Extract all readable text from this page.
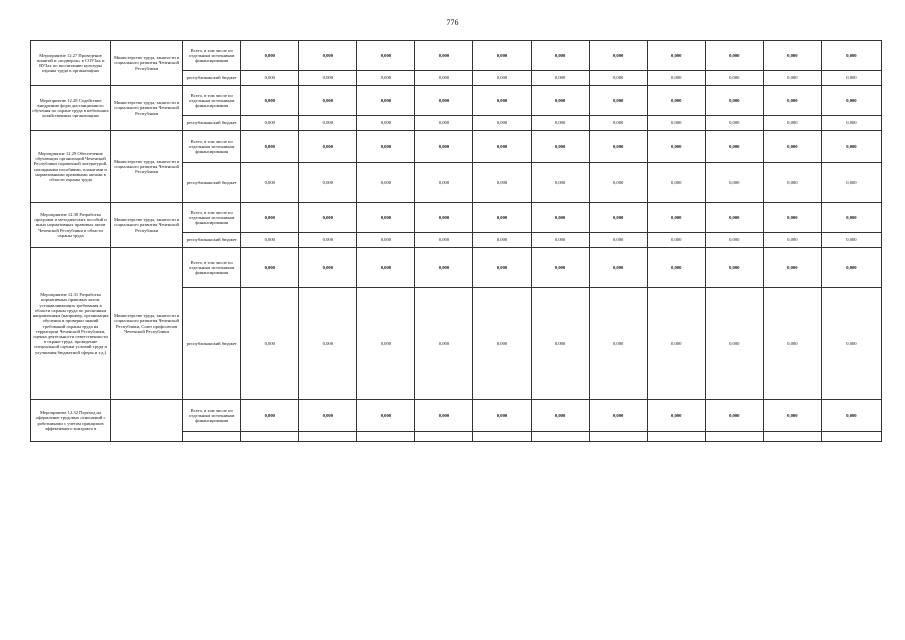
776
Мероприятие 12.27 Проведение понятий и «подворок» в СОУЗах и ВУЗах по воспитанию культуры охраны труда в организациях	Министерство труда, занятости и социального развития Чеченской Республики	Всего, в том числе по отдельным источникам финансирования	0,000	0,000	0,000	0,000	0,000	0,000	0,000	0,000	0,000	0,000	0,000
		республиканский бюджет	0,000	0,000	0,000	0,000	0,000	0,000	0,000	0,000	0,000	0,000	0,000
Мероприятие 12.28 Содействие внедрению форм дистанционного обучения по охране труда в небольших хозяйственных организациях	Министерство труда, занятости и социального развития Чеченской Республики	Всего, в том числе по отдельным источникам финансирования	0,000	0,000	0,000	0,000	0,000	0,000	0,000	0,000	0,000	0,000	0,000
		республиканский бюджет	0,000	0,000	0,000	0,000	0,000	0,000	0,000	0,000	0,000	0,000	0,000
Мероприятие 12.29 Обеспечение обучающих организаций Чеченской Республики справочной литературой, наглядными пособиями, плакатами и нормативными правовыми актами в области охраны труда	Министерство труда, занятости и социального развития Чеченской Республики	Всего, в том числе по отдельным источникам финансирования	0,000	0,000	0,000	0,000	0,000	0,000	0,000	0,000	0,000	0,000	0,000
		республиканский бюджет	0,000	0,000	0,000	0,000	0,000	0,000	0,000	0,000	0,000	0,000	0,000
Мероприятие 12.30 Разработка программ и методических пособий и иных нормативных правовых актов Чеченской Республики в области охраны труда	Министерство труда, занятости и социального развития Чеченской Республики	Всего, в том числе по отдельным источникам финансирования	0,000	0,000	0,000	0,000	0,000	0,000	0,000	0,000	0,000	0,000	0,000
		республиканский бюджет	0,000	0,000	0,000	0,000	0,000	0,000	0,000	0,000	0,000	0,000	0,000
Мероприятие 12.31 Разработка нормативных правовых актов, устанавливающих требования в области охраны труда по различным направлениям (например, организация обучения и проверки знаний требований охраны труда на территории Чеченской Республики, оценка деятельности ответственности в охране труда, проведение специальной оценки условий труда и улучшения бюджетной сферы и т.д.)	Министерство труда, занятости и социального развития Чеченской Республики, Союз профсоюзов Чеченской Республики	Всего, в том числе по отдельным источникам финансирования	0,000	0,000	0,000	0,000	0,000	0,000	0,000	0,000	0,000	0,000	0,000
		республиканский бюджет	0,000	0,000	0,000	0,000	0,000	0,000	0,000	0,000	0,000	0,000	0,000
Мероприятие 12.32 Переход на оформление трудовых отношений с работниками с учетом принципов эффективного контракта в		Всего, в том числе по отдельным источникам финансирования	0,000	0,000	0,000	0,000	0,000	0,000	0,000	0,000	0,000	0,000	0,000
